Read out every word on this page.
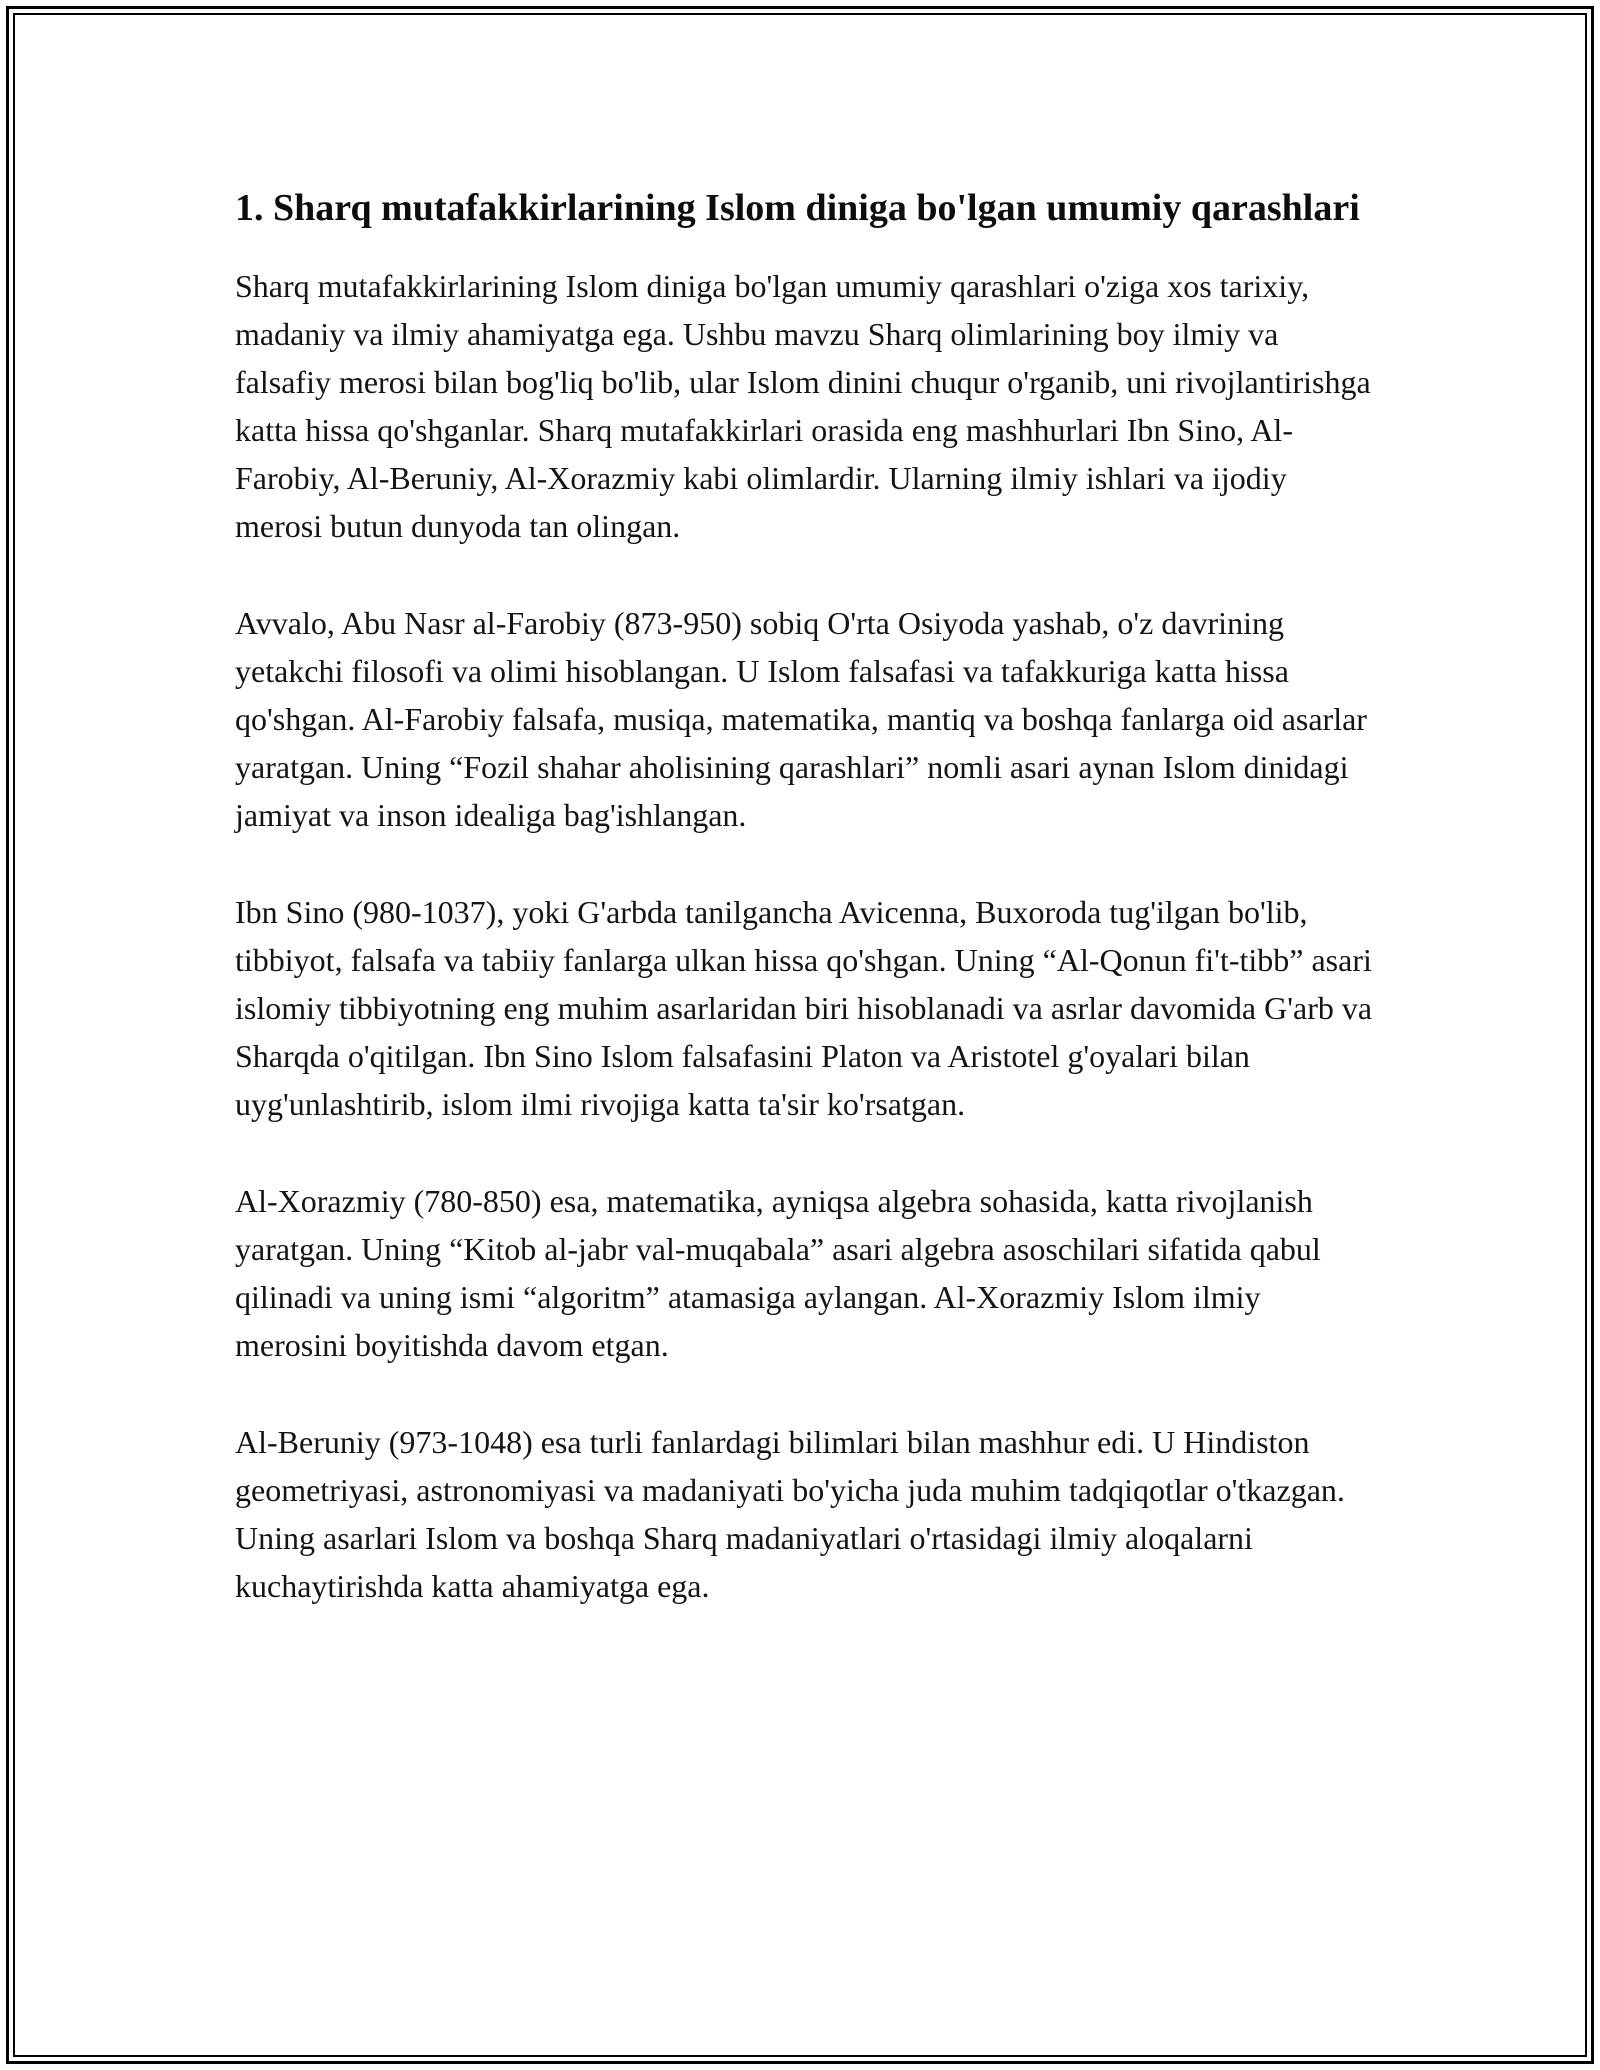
1. Sharq mutafakkirlarining Islom diniga bo'lgan umumiy qarashlari

Sharq mutafakkirlarining Islom diniga bo'lgan umumiy qarashlari o'ziga xos tarixiy, madaniy va ilmiy ahamiyatga ega. Ushbu mavzu Sharq olimlarining boy ilmiy va falsafiy merosi bilan bog'liq bo'lib, ular Islom dinini chuqur o'rganib, uni rivojlantirishga katta hissa qo'shganlar. Sharq mutafakkirlari orasida eng mashhurlari Ibn Sino, Al-Farobiy, Al-Beruniy, Al-Xorazmiy kabi olimlardir. Ularning ilmiy ishlari va ijodiy merosi butun dunyoda tan olingan.

Avvalo, Abu Nasr al-Farobiy (873-950) sobiq O'rta Osiyoda yashab, o'z davrining yetakchi filosofi va olimi hisoblangan. U Islom falsafasi va tafakkuriga katta hissa qo'shgan. Al-Farobiy falsafa, musiqa, matematika, mantiq va boshqa fanlarga oid asarlar yaratgan. Uning “Fozil shahar aholisining qarashlari” nomli asari aynan Islom dinidagi jamiyat va inson idealiga bag'ishlangan.

Ibn Sino (980-1037), yoki G'arbda tanilgancha Avicenna, Buxoroda tug'ilgan bo'lib, tibbiyot, falsafa va tabiiy fanlarga ulkan hissa qo'shgan. Uning “Al-Qonun fi't-tibb” asari islomiy tibbiyotning eng muhim asarlaridan biri hisoblanadi va asrlar davomida G'arb va Sharqda o'qitilgan. Ibn Sino Islom falsafasini Platon va Aristotel g'oyalari bilan uyg'unlashtirib, islom ilmi rivojiga katta ta'sir ko'rsatgan.

Al-Xorazmiy (780-850) esa, matematika, ayniqsa algebra sohasida, katta rivojlanish yaratgan. Uning “Kitob al-jabr val-muqabala” asari algebra asoschilari sifatida qabul qilinadi va uning ismi “algoritm” atamasiga aylangan. Al-Xorazmiy Islom ilmiy merosini boyitishda davom etgan.

Al-Beruniy (973-1048) esa turli fanlardagi bilimlari bilan mashhur edi. U Hindiston geometriyasi, astronomiyasi va madaniyati bo'yicha juda muhim tadqiqotlar o'tkazgan. Uning asarlari Islom va boshqa Sharq madaniyatlari o'rtasidagi ilmiy aloqalarni kuchaytirishda katta ahamiyatga ega.
